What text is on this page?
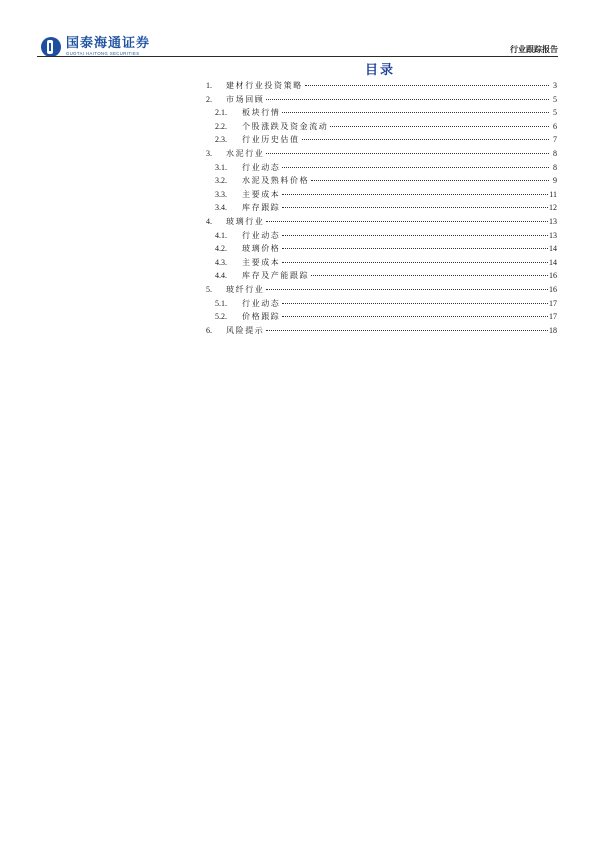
国泰海通证券
GUOTAI HAITONG SECURITIES	行业跟踪报告
目录
1.	建材行业投资策略	3
2.	市场回顾	5
2.1.	板块行情	5
2.2.	个股涨跌及资金流动	6
2.3.	行业历史估值	7
3.	水泥行业	8
3.1.	行业动态	8
3.2.	水泥及熟料价格	9
3.3.	主要成本	11
3.4.	库存跟踪	12
4.	玻璃行业	13
4.1.	行业动态	13
4.2.	玻璃价格	14
4.3.	主要成本	14
4.4.	库存及产能跟踪	16
5.	玻纤行业	16
5.1.	行业动态	17
5.2.	价格跟踪	17
6.	风险提示	18
